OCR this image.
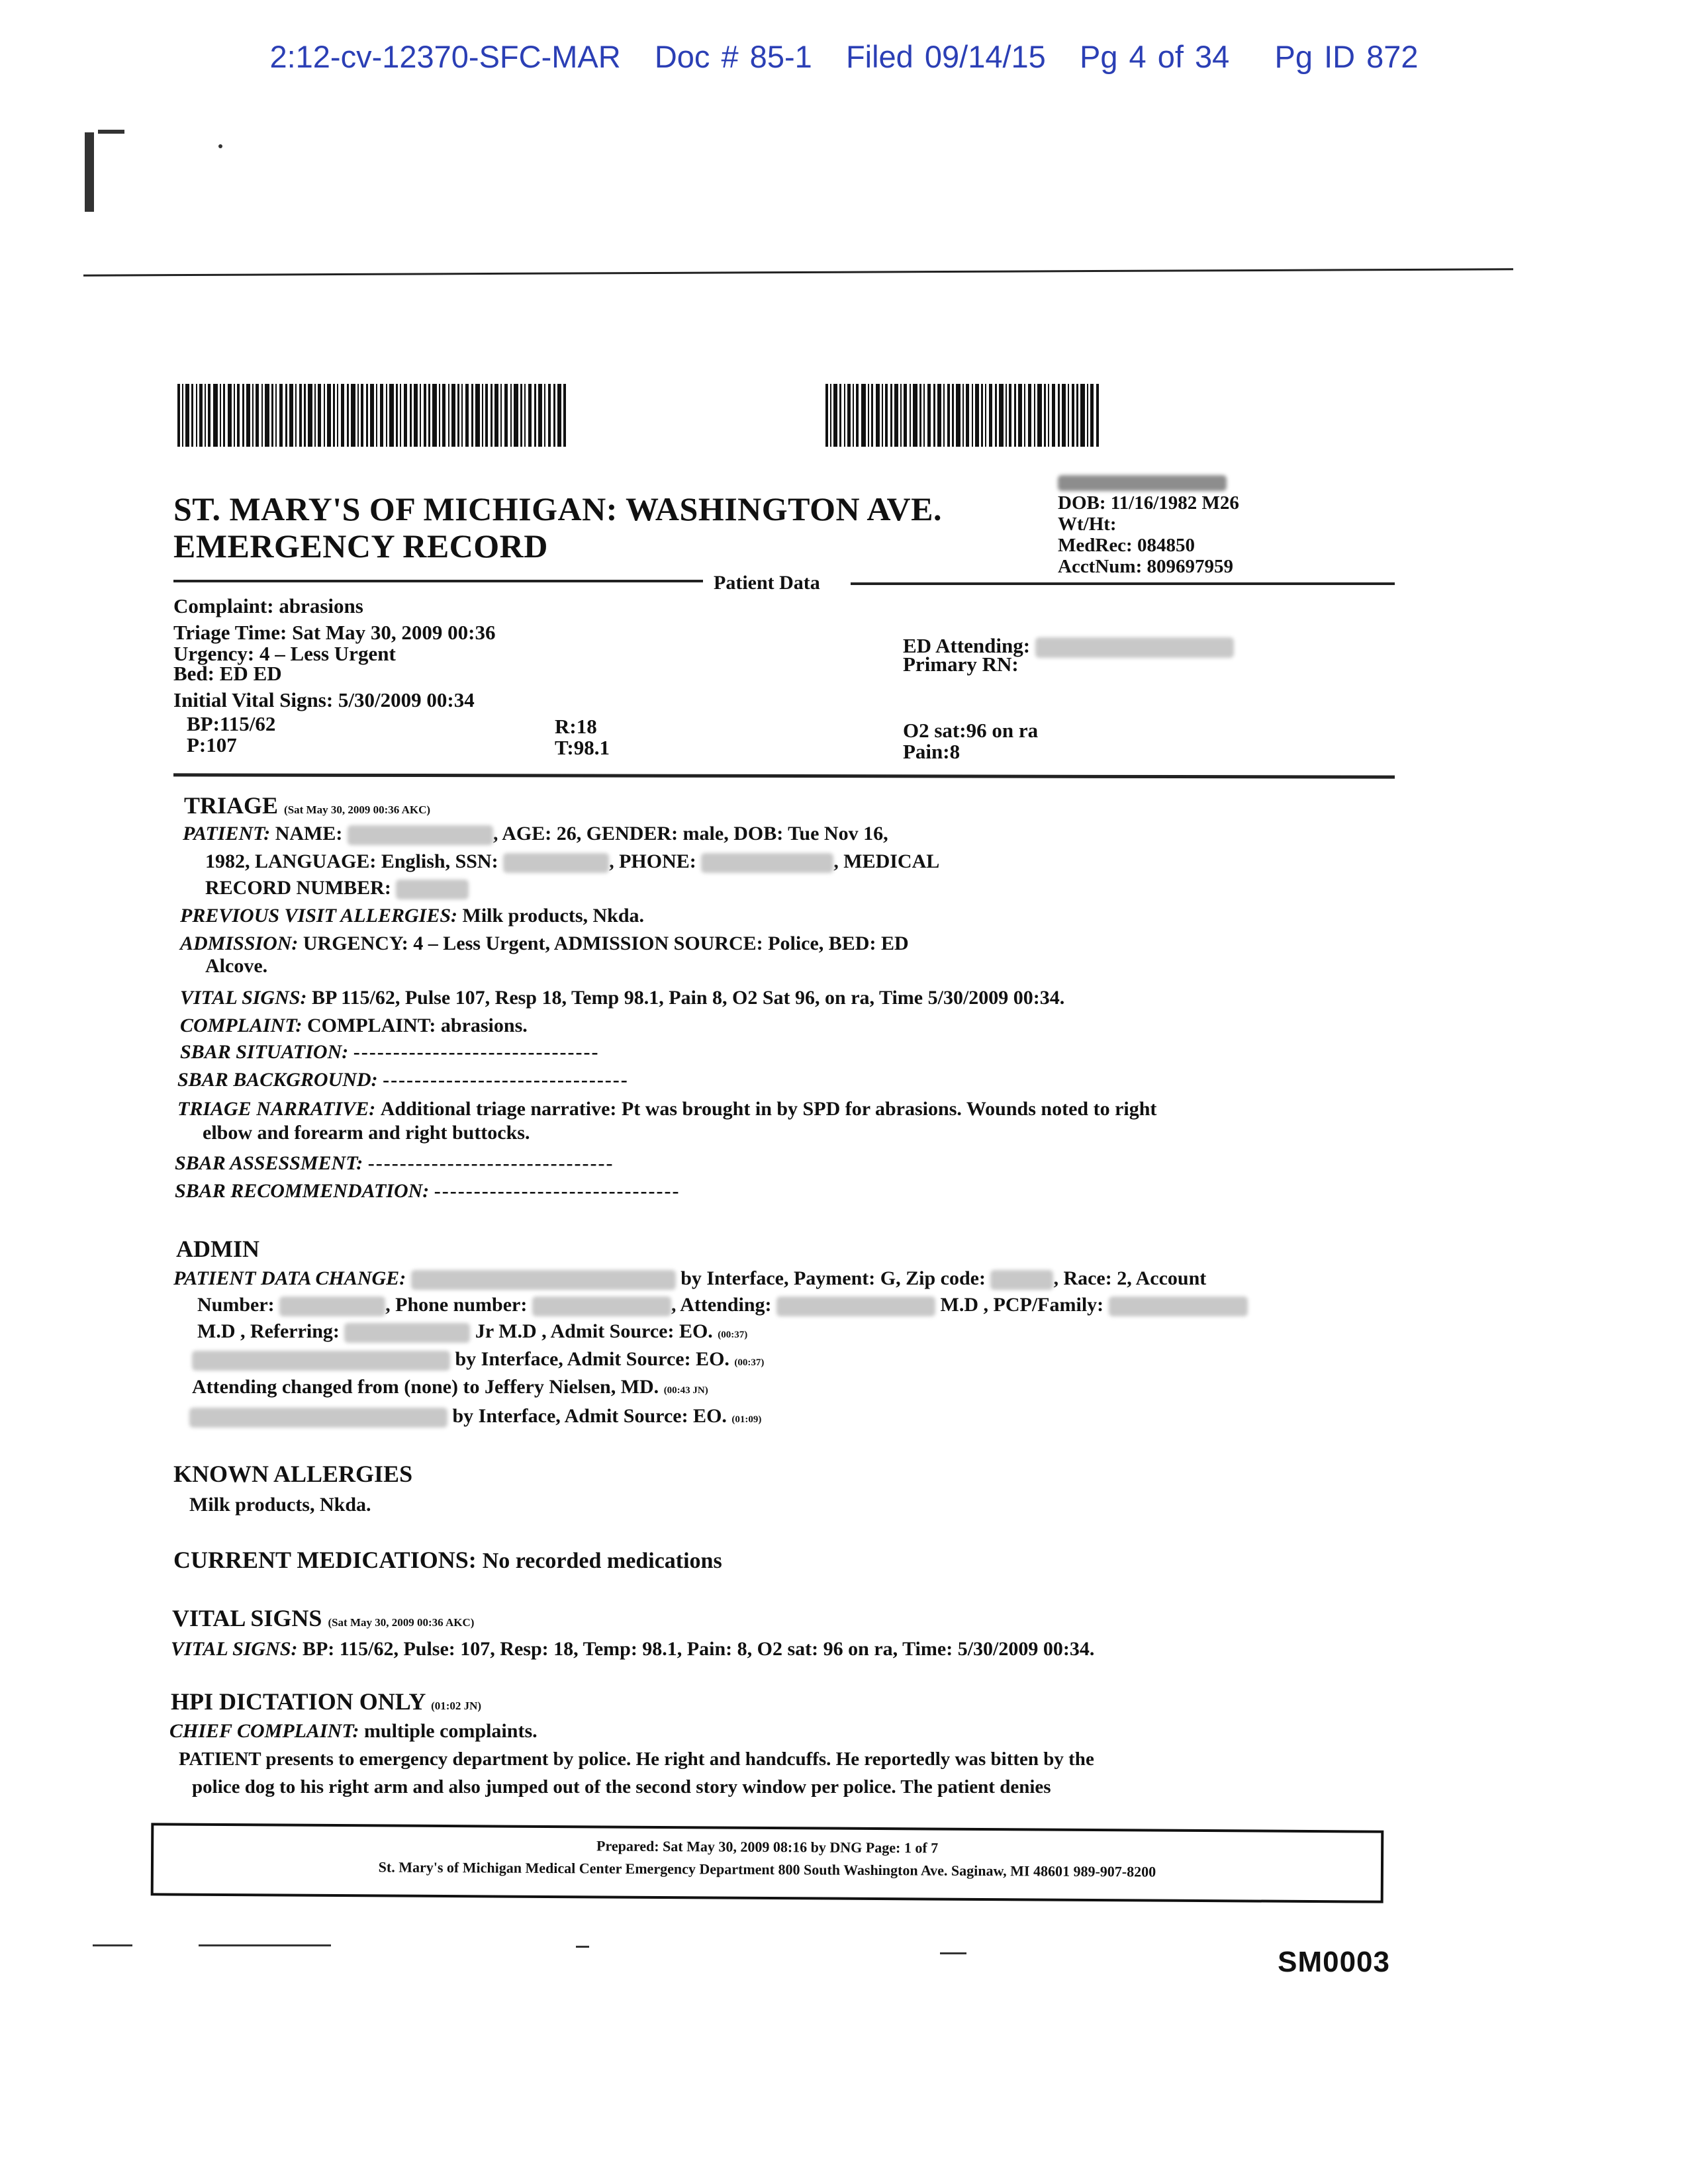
2:12-cv-12370-SFC-MAR Doc # 85-1 Filed 09/14/15 Pg 4 of 34 Pg ID 872
ST. MARY'S OF MICHIGAN: WASHINGTON AVE.
EMERGENCY RECORD
DOB: 11/16/1982 M26
Wt/Ht:
MedRec: 084850
AcctNum: 809697959
Patient Data
Complaint: abrasions
Triage Time: Sat May 30, 2009 00:36
Urgency: 4 – Less Urgent
Bed: ED ED
Initial Vital Signs: 5/30/2009 00:34
BP:115/62
P:107
R:18
T:98.1
ED Attending:
Primary RN:
O2 sat:96 on ra
Pain:8
TRIAGE (Sat May 30, 2009 00:36 AKC)
PATIENT: NAME:	, AGE: 26, GENDER: male, DOB: Tue Nov 16,
1982, LANGUAGE: English, SSN:	, PHONE:	, MEDICAL
RECORD NUMBER:
PREVIOUS VISIT ALLERGIES: Milk products, Nkda.
ADMISSION: URGENCY: 4 – Less Urgent, ADMISSION SOURCE: Police, BED: ED
Alcove.
VITAL SIGNS: BP 115/62, Pulse 107, Resp 18, Temp 98.1, Pain 8, O2 Sat 96, on ra, Time 5/30/2009 00:34.
COMPLAINT: COMPLAINT: abrasions.
SBAR SITUATION: -------------------------------
SBAR BACKGROUND: -------------------------------
TRIAGE NARRATIVE: Additional triage narrative: Pt was brought in by SPD for abrasions. Wounds noted to right
elbow and forearm and right buttocks.
SBAR ASSESSMENT: -------------------------------
SBAR RECOMMENDATION: -------------------------------
ADMIN
PATIENT DATA CHANGE:	by Interface, Payment: G, Zip code:	, Race: 2, Account
Number:	, Phone number:	, Attending:	M.D , PCP/Family:
M.D , Referring:	Jr M.D , Admit Source: EO. (00:37)
by Interface, Admit Source: EO. (00:37)
Attending changed from (none) to Jeffery Nielsen, MD. (00:43 JN)
by Interface, Admit Source: EO. (01:09)
KNOWN ALLERGIES
Milk products, Nkda.
CURRENT MEDICATIONS: No recorded medications
VITAL SIGNS (Sat May 30, 2009 00:36 AKC)
VITAL SIGNS: BP: 115/62, Pulse: 107, Resp: 18, Temp: 98.1, Pain: 8, O2 sat: 96 on ra, Time: 5/30/2009 00:34.
HPI DICTATION ONLY (01:02 JN)
CHIEF COMPLAINT: multiple complaints.
PATIENT presents to emergency department by police. He right and handcuffs. He reportedly was bitten by the
police dog to his right arm and also jumped out of the second story window per police. The patient denies
Prepared: Sat May 30, 2009 08:16 by DNG Page: 1 of 7
St. Mary's of Michigan Medical Center Emergency Department 800 South Washington Ave. Saginaw, MI 48601 989-907-8200
SM0003
